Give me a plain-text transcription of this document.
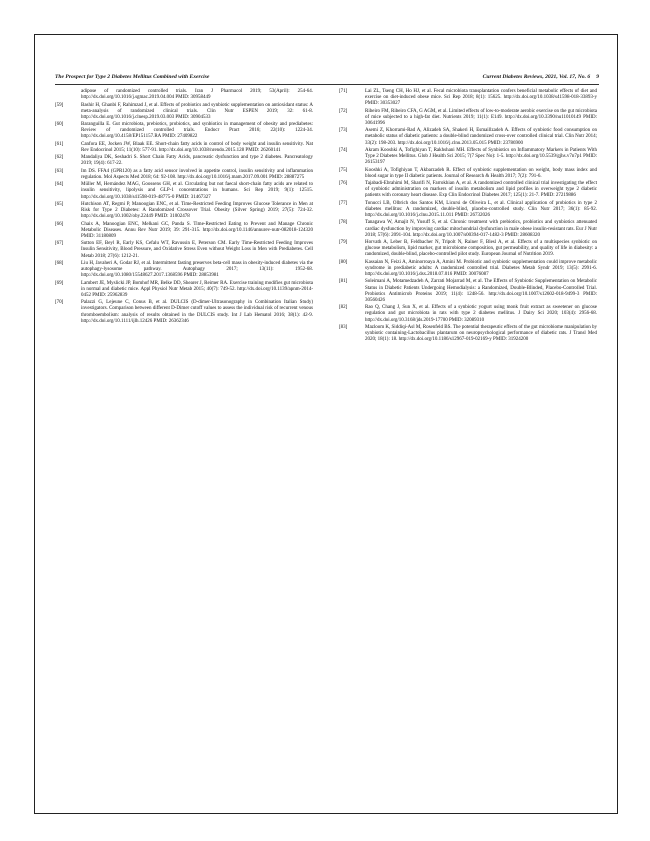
The Prospect for Type 2 Diabetes Mellitus Combined with Exercise	Current Diabetes Reviews, 2021, Vol. 17, No. 6 9
adipose of randomized controlled trials. Iran J Pharmacol 2019; 53(April): 254-64. http://dx.doi.org/10.1016/j.sgmac.2019.04.004 PMID: 30958449
[59]	Bashir H, Ghanbi F, Rahimzad J, et al. Effects of probiotics and synbiotic supplementation on antioxidant status: A meta-analysis of randomized clinical trials. Clin Nutr ESPEN 2019; 32: 61-8. http://dx.doi.org/10.1016/j.clnesp.2019.03.003 PMID: 30904533
[60]	Baranguilla E. Gut microbiota, prebiotics, probiotics, and synbiotics in management of obesity and prediabetes: Review of randomized controlled trials. Endocr Pract 2016; 22(10): 1224-34. http://dx.doi.org/10.4158/EP151157.RA PMID: 27409822
[61]	Canfora EE, Jocken JW, Blaak EE. Short-chain fatty acids in control of body weight and insulin sensitivity. Nat Rev Endocrinol 2015; 11(10): 577-91. http://dx.doi.org/10.1038/nrendo.2015.128 PMID: 26260141
[62]	Mandaliya DK, Seshadri S. Short Chain Fatty Acids, pancreatic dysfunction and type 2 diabetes. Pancreatology 2019; 19(4): 617-22.
[63]	Im DS. FFA4 (GPR120) as a fatty acid sensor involved in appetite control, insulin sensitivity and inflammation regulation. Mol Aspects Med 2018; 64: 92-108. http://dx.doi.org/10.1016/j.mam.2017.09.001 PMID: 28887275
[64]	Müller M, Hernández MAG, Goossens GH, et al. Circulating but not faecal short-chain fatty acids are related to insulin sensitivity, lipolysis and GLP-1 concentrations in humans. Sci Rep 2019; 9(1): 12515. http://dx.doi.org/10.1038/s41598-019-48775-0 PMID: 31467327
[65]	Hutchison AT, Regmi P, Manoogian ENC, et al. Time-Restricted Feeding Improves Glucose Tolerance in Men at Risk for Type 2 Diabetes: A Randomized Crossover Trial. Obesity (Silver Spring) 2019; 27(5): 724-32. http://dx.doi.org/10.1002/oby.22449 PMID: 31002478
[66]	Chaix A, Manoogian ENC, Melkani GC, Panda S. Time-Restricted Eating to Prevent and Manage Chronic Metabolic Diseases. Annu Rev Nutr 2019; 39: 291-315. http://dx.doi.org/10.1146/annurev-nutr-082018-124320 PMID: 31180809
[67]	Sutton EF, Beyl R, Early KS, Cefalu WT, Ravussin E, Peterson CM. Early Time-Restricted Feeding Improves Insulin Sensitivity, Blood Pressure, and Oxidative Stress Even without Weight Loss in Men with Prediabetes. Cell Metab 2018; 27(6): 1212-21.
[68]	Liu H, Javaheri A, Godar RJ, et al. Intermittent fasting preserves beta-cell mass in obesity-induced diabetes via the autophagy-lysosome pathway. Autophagy 2017; 13(11): 1952-68. http://dx.doi.org/10.1080/15548627.2017.1368596 PMID: 28853981
[69]	Lambert JE, Myslicki JP, Bomhof MR, Belke DD, Shearer J, Reimer RA. Exercise training modifies gut microbiota in normal and diabetic mice. Appl Physiol Nutr Metab 2015; 40(7): 749-52. http://dx.doi.org/10.1139/apnm-2014-0452 PMID: 25962839
[70]	Palazzi G, Lejeune C, Conus B, et al. DULCIS (D-dimer-Ultrasonography in Combination Italian Study) investigators. Comparison between different D-Dimer cutoff values to assess the individual risk of recurrent venous thromboembolism: analysis of results obtained in the DULCIS study. Int J Lab Hematol 2016; 38(1): 42-9. http://dx.doi.org/10.1111/ijlh.12426 PMID: 26362346
[71]	Lai ZL, Tseng CH, Ho HJ, et al. Fecal microbiota transplantation confers beneficial metabolic effects of diet and exercise on diet-induced obese mice. Sci Rep 2018; 8(1): 15625. http://dx.doi.org/10.1038/s41598-018-33893-y PMID: 30353027
[72]	Ribeiro FM, Ribeiro CFA, G AGM, et al. Limited effects of low-to-moderate aerobic exercise on the gut microbiota of mice subjected to a high-fat diet. Nutrients 2019; 11(1): E149. http://dx.doi.org/10.3390/nu11010149 PMID: 30641996
[73]	Asemi Z, Khorrami-Rad A, Alizadeh SA, Shakeri H, Esmaillzadeh A. Effects of synbiotic food consumption on metabolic status of diabetic patients: a double-blind randomized cross-over controlled clinical trial. Clin Nutr 2014; 33(2): 198-203. http://dx.doi.org/10.1016/j.clnu.2013.05.015 PMID: 23786900
[74]	Akram Kooshki A, Tofighiyan T, Rakhshani MH. Effects of Synbiotics on Inflammatory Markers in Patients With Type 2 Diabetes Mellitus. Glob J Health Sci 2015; 7(7 Spec No): 1-5. http://dx.doi.org/10.5539/gjhs.v7n7p1 PMID: 26153197
[75]	Kooshki A, Tofighiyan T, Akbarzadeh R. Effect of synbiotic supplementation on weight, body mass index and blood sugar in type II diabetic patients. Journal of Research & Health 2017; 7(2): 791-6.
[76]	Tajabadi-Ebrahimi M, Sharifi N, Farrokhian A, et al. A randomized controlled clinical trial investigating the effect of synbiotic administration on markers of insulin metabolism and lipid profiles in overweight type 2 diabetic patients with coronary heart disease. Exp Clin Endocrinol Diabetes 2017; 125(1): 21-7. PMID: 27219886
[77]	Tonucci LB, Olbrich dos Santos KM, Licursi de Oliveira L, et al. Clinical application of probiotics in type 2 diabetes mellitus: A randomized, double-blind, placebo-controlled study. Clin Nutr 2017; 36(1): 85-92. http://dx.doi.org/10.1016/j.clnu.2015.11.011 PMID: 26732026
[78]	Tanagawa W, Amajit N, Yusuff S, et al. Chronic treatment with prebiotics, probiotics and synbiotics attenuated cardiac dysfunction by improving cardiac mitochondrial dysfunction in male obese insulin-resistant rats. Eur J Nutr 2018; 57(6): 2091-104. http://dx.doi.org/10.1007/s00394-017-1482-3 PMID: 28608320
[79]	Horvath A, Leber B, Feldbacher N, Tripolt N, Rainer F, Blesl A, et al. Effects of a multispecies synbiotic on glucose metabolism, lipid marker, gut microbiome composition, gut permeability, and quality of life in diabesity: a randomized, double-blind, placebo-controlled pilot study. European Journal of Nutrition 2019.
[80]	Kassaian N, Feizi A, Aminorroaya A, Amini M. Probiotic and synbiotic supplementation could improve metabolic syndrome in prediabetic adults: A randomized controlled trial. Diabetes Metab Syndr 2019; 13(5): 2991-6. http://dx.doi.org/10.1016/j.dsx.2018.07.016 PMID: 30076087
[81]	Soleimani A, Motamedzadeh A, Zarrati Mojarrad M, et al. The Effects of Synbiotic Supplementation on Metabolic Status in Diabetic Patients Undergoing Hemodialysis: a Randomized, Double-Blinded, Placebo-Controlled Trial. Probiotics Antimicrob Proteins 2019; 11(4): 1248-56. http://dx.doi.org/10.1007/s12602-018-9499-3 PMID: 30560426
[82]	Rao Q, Chang J, Sun X, et al. Effects of a synbiotic yogurt using monk fruit extract as sweetener on glucose regulation and gut microbiota in rats with type 2 diabetes mellitus. J Dairy Sci 2020; 103(4): 2956-68. http://dx.doi.org/10.3168/jds.2019-17700 PMID: 32089310
[83]	Mazloom K, Siddiqi-Asl M, Rosenfeld BS. The potential therapeutic effects of the gut microbiome manipulation by synbiotic containing-Lactobacillus plantarum on neuropsychological performance of diabetic rats. J Transl Med 2020; 18(1): 18. http://dx.doi.org/10.1186/s12967-019-02169-y PMID: 31924200
